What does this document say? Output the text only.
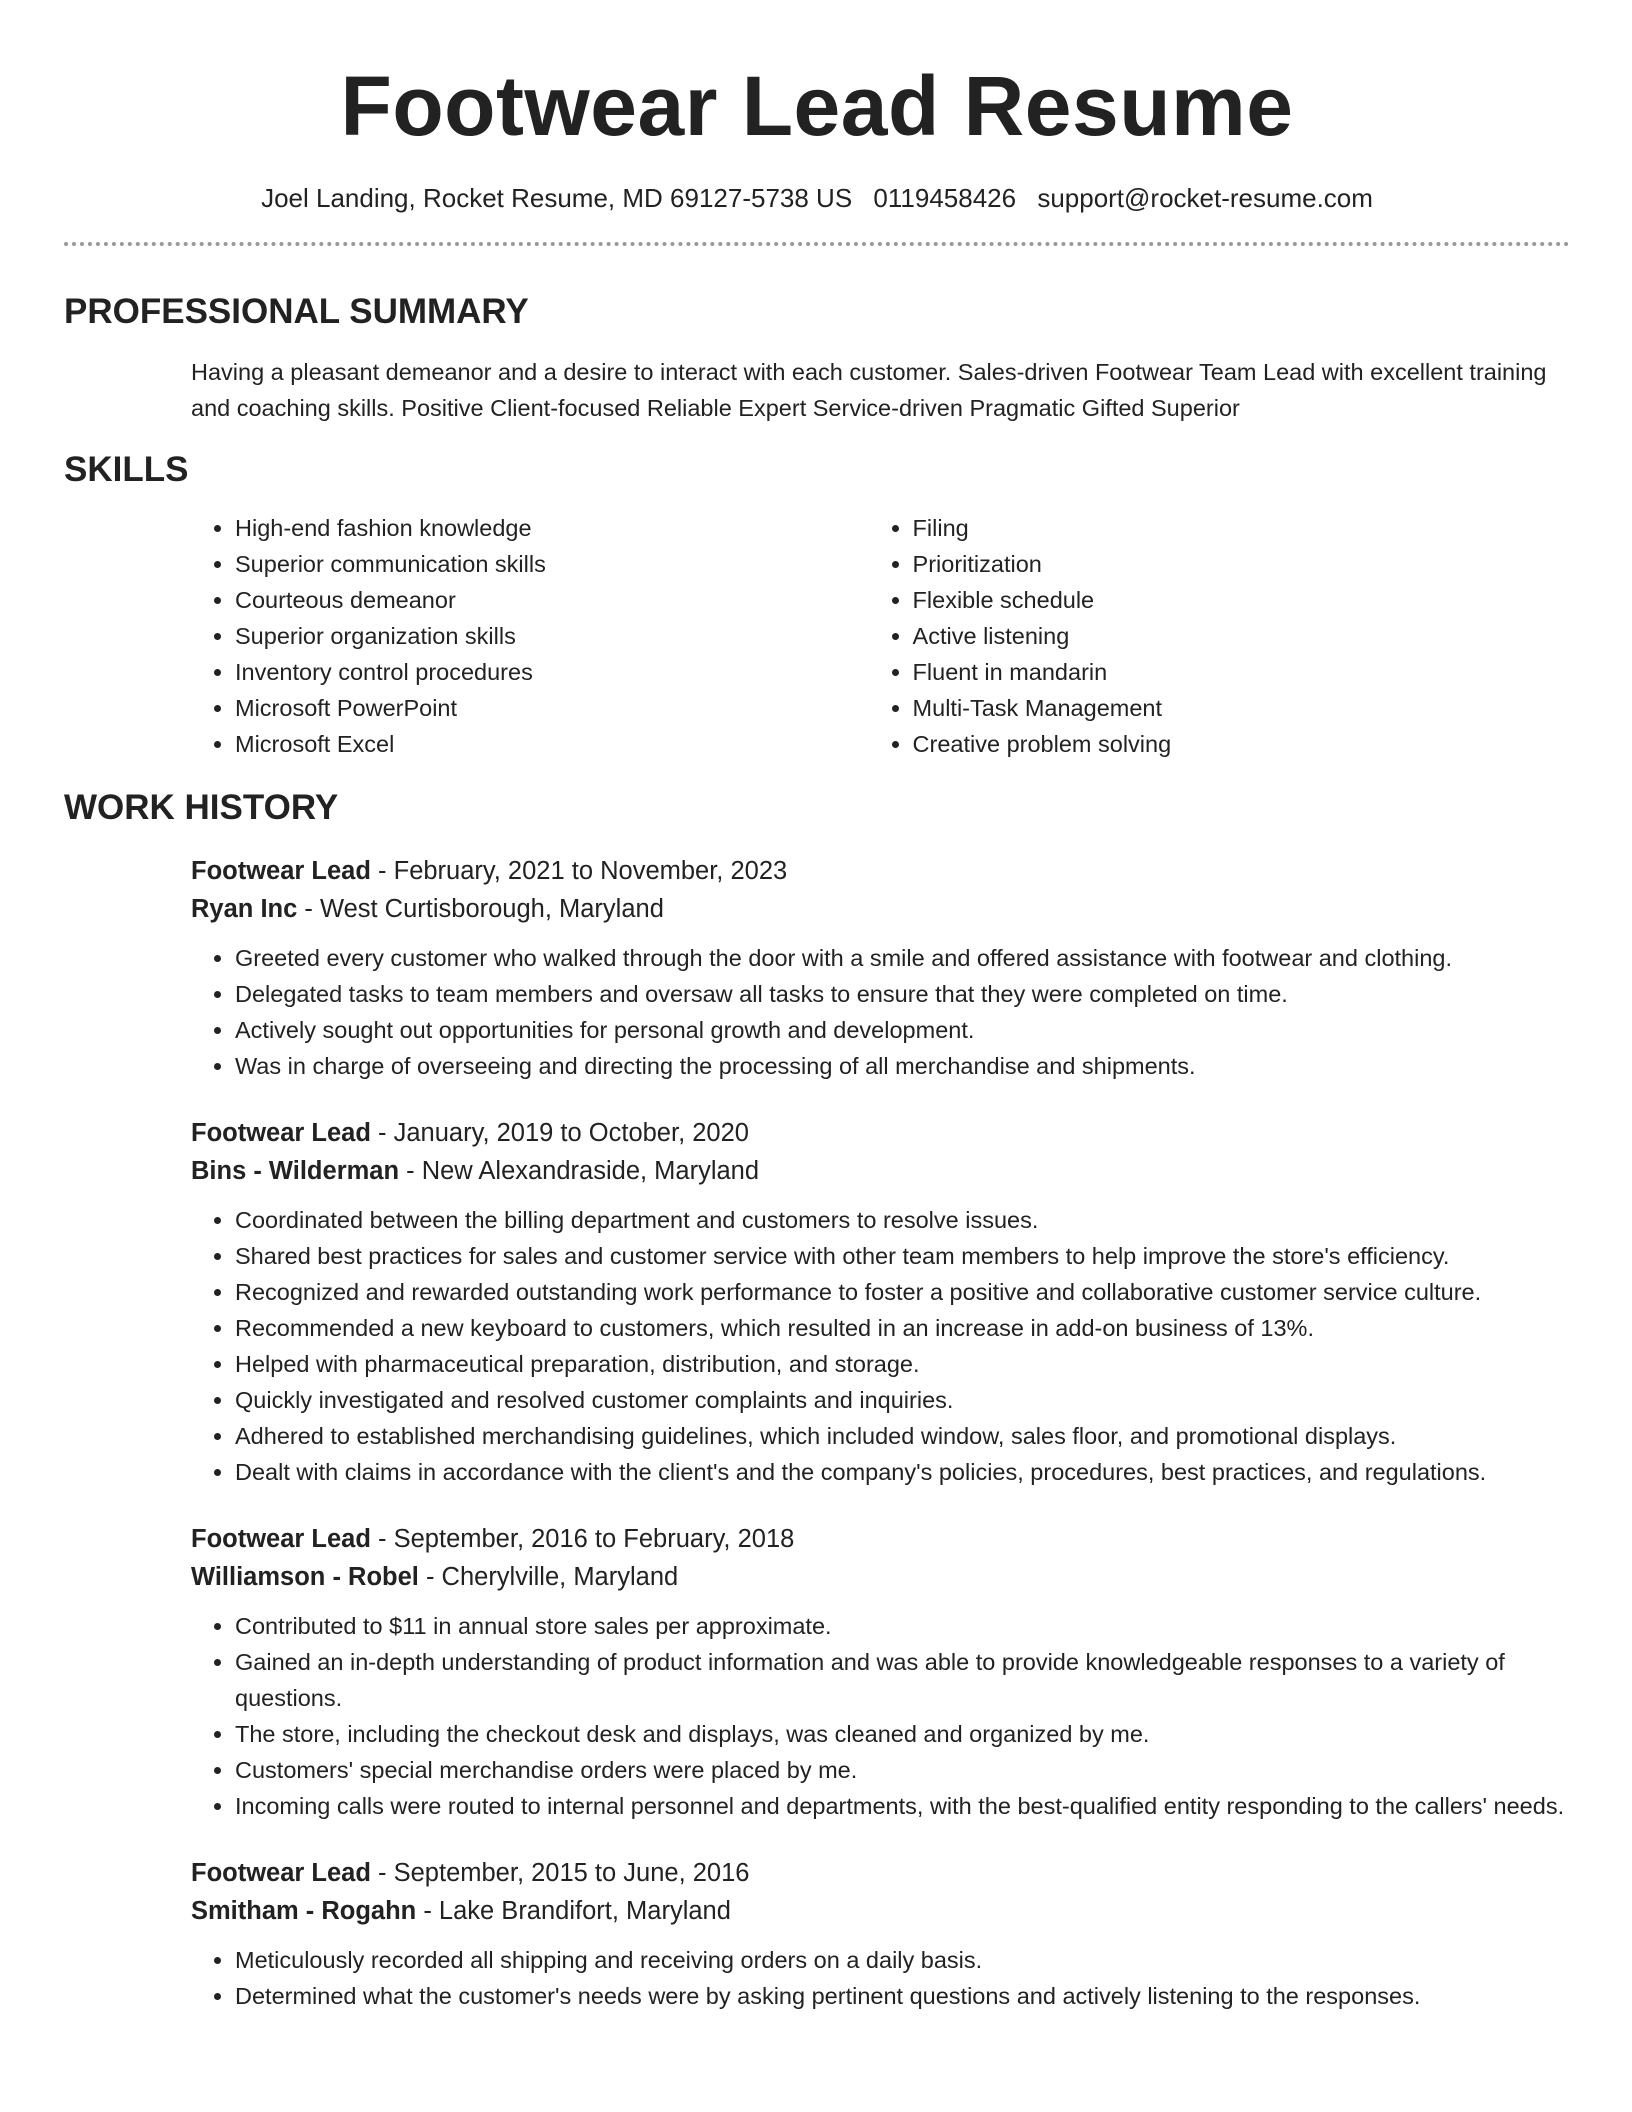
Footwear Lead Resume
Joel Landing, Rocket Resume, MD 69127-5738 US 0119458426 support@rocket-resume.com
PROFESSIONAL SUMMARY

Having a pleasant demeanor and a desire to interact with each customer. Sales-driven Footwear Team Lead with excellent training and coaching skills. Positive Client-focused Reliable Expert Service-driven Pragmatic Gifted Superior

SKILLS
• High-end fashion knowledge
• Superior communication skills
• Courteous demeanor
• Superior organization skills
• Inventory control procedures
• Microsoft PowerPoint
• Microsoft Excel
• Filing
• Prioritization
• Flexible schedule
• Active listening
• Fluent in mandarin
• Multi-Task Management
• Creative problem solving
WORK HISTORY
Footwear Lead - February, 2021 to November, 2023
Ryan Inc - West Curtisborough, Maryland
• Greeted every customer who walked through the door with a smile and offered assistance with footwear and clothing.
• Delegated tasks to team members and oversaw all tasks to ensure that they were completed on time.
• Actively sought out opportunities for personal growth and development.
• Was in charge of overseeing and directing the processing of all merchandise and shipments.
Footwear Lead - January, 2019 to October, 2020
Bins - Wilderman - New Alexandraside, Maryland
• Coordinated between the billing department and customers to resolve issues.
• Shared best practices for sales and customer service with other team members to help improve the store's efficiency.
• Recognized and rewarded outstanding work performance to foster a positive and collaborative customer service culture.
• Recommended a new keyboard to customers, which resulted in an increase in add-on business of 13%.
• Helped with pharmaceutical preparation, distribution, and storage.
• Quickly investigated and resolved customer complaints and inquiries.
• Adhered to established merchandising guidelines, which included window, sales floor, and promotional displays.
• Dealt with claims in accordance with the client's and the company's policies, procedures, best practices, and regulations.
Footwear Lead - September, 2016 to February, 2018
Williamson - Robel - Cherylville, Maryland
• Contributed to $11 in annual store sales per approximate.
• Gained an in-depth understanding of product information and was able to provide knowledgeable responses to a variety of questions.
• The store, including the checkout desk and displays, was cleaned and organized by me.
• Customers' special merchandise orders were placed by me.
• Incoming calls were routed to internal personnel and departments, with the best-qualified entity responding to the callers' needs.
Footwear Lead - September, 2015 to June, 2016
Smitham - Rogahn - Lake Brandifort, Maryland
• Meticulously recorded all shipping and receiving orders on a daily basis.
• Determined what the customer's needs were by asking pertinent questions and actively listening to the responses.
